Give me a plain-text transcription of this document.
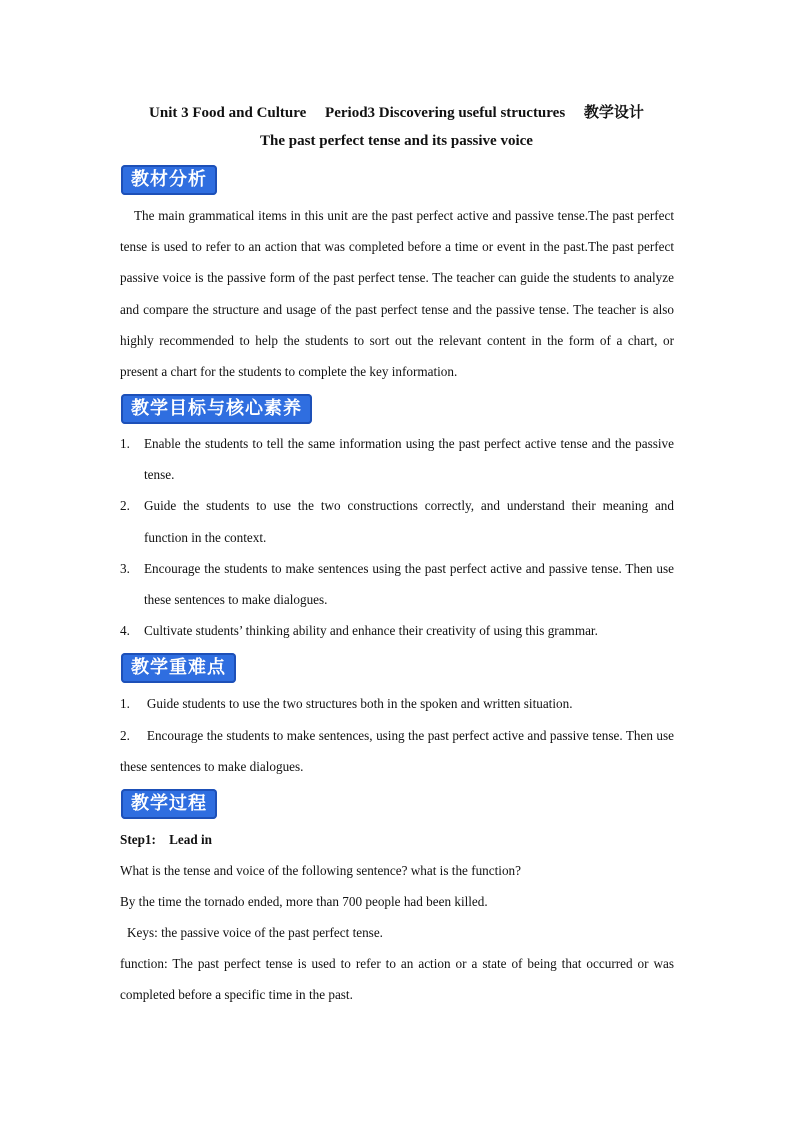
Unit 3 Food and Culture     Period3 Discovering useful structures     教学设计
The past perfect tense and its passive voice
教材分析

The main grammatical items in this unit are the past perfect active and passive tense.The past perfect tense is used to refer to an action that was completed before a time or event in the past.The past perfect passive voice is the passive form of the past perfect tense. The teacher can guide the students to analyze and compare the structure and usage of the past perfect tense and the passive tense. The teacher is also highly recommended to help the students to sort out the relevant content in the form of a chart, or present a chart for the students to complete the key information.

教学目标与核心素养
1. Enable the students to tell the same information using the past perfect active tense and the passive tense.
2. Guide the students to use the two constructions correctly, and understand their meaning and function in the context.
3. Encourage the students to make sentences using the past perfect active and passive tense. Then use these sentences to make dialogues.
4. Cultivate students’ thinking ability and enhance their creativity of using this grammar.
教学重难点

1. Guide students to use the two structures both in the spoken and written situation.

2. Encourage the students to make sentences, using the past perfect active and passive tense. Then use these sentences to make dialogues.

教学过程

Step1:    Lead in

What is the tense and voice of the following sentence? what is the function?

By the time the tornado ended, more than 700 people had been killed.

Keys: the passive voice of the past perfect tense.

function: The past perfect tense is used to refer to an action or a state of being that occurred or was completed before a specific time in the past.
